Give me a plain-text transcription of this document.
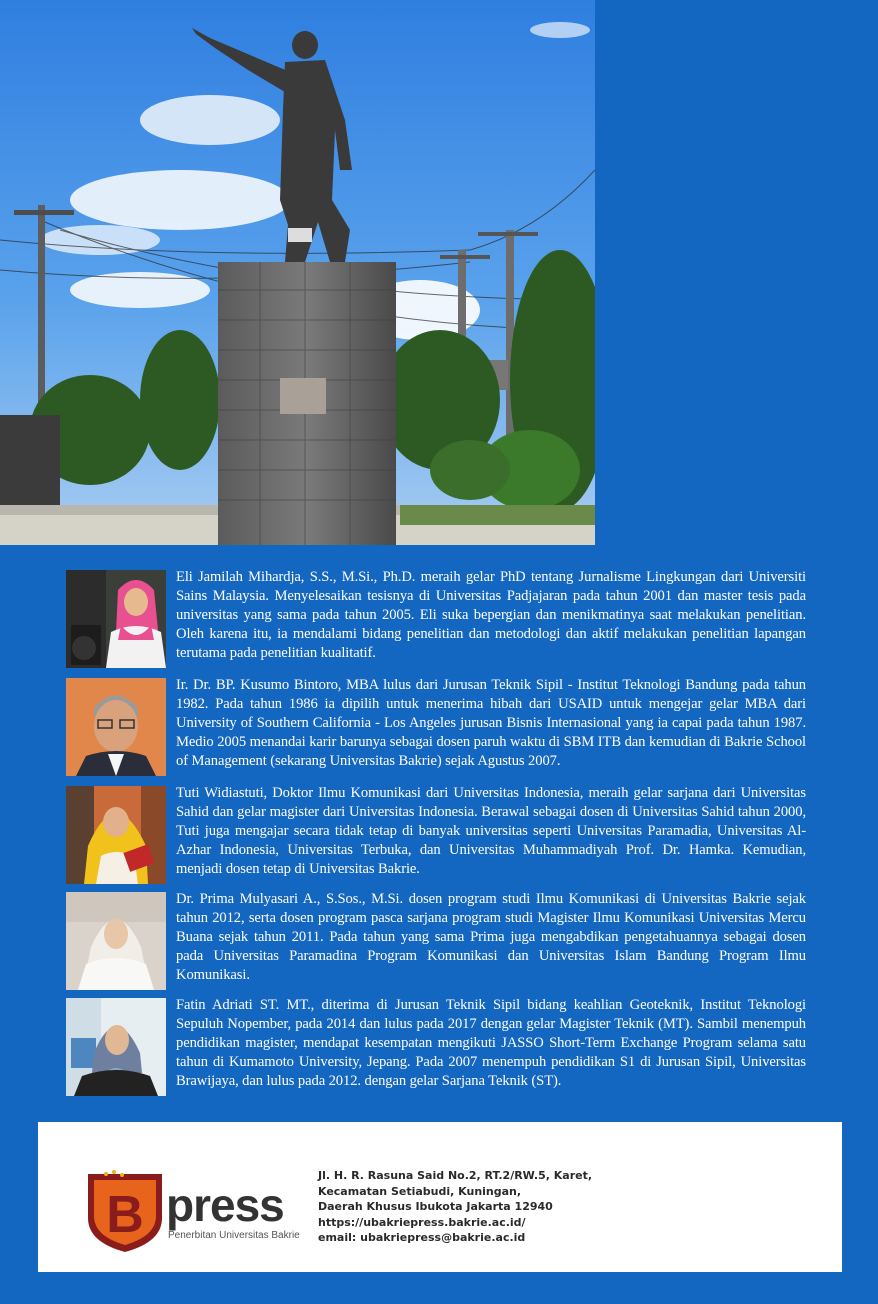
Eli Jamilah Mihardja, S.S., M.Si., Ph.D. meraih gelar PhD tentang Jurnalisme Lingkungan dari Universiti Sains Malaysia. Menyelesaikan tesisnya di Universitas Padjajaran pada tahun 2001 dan master tesis pada universitas yang sama pada tahun 2005. Eli suka bepergian dan menikmatinya saat melakukan penelitian. Oleh karena itu, ia mendalami bidang penelitian dan metodologi dan aktif melakukan penelitian lapangan terutama pada penelitian kualitatif.

Ir. Dr. BP. Kusumo Bintoro, MBA lulus dari Jurusan Teknik Sipil - Institut Teknologi Bandung pada tahun 1982. Pada tahun 1986 ia dipilih untuk menerima hibah dari USAID untuk mengejar gelar MBA dari University of Southern California - Los Angeles jurusan Bisnis Internasional yang ia capai pada tahun 1987. Medio 2005 menandai karir barunya sebagai dosen paruh waktu di SBM ITB dan kemudian di Bakrie School of Management (sekarang Universitas Bakrie) sejak Agustus 2007.

Tuti Widiastuti, Doktor Ilmu Komunikasi dari Universitas Indonesia, meraih gelar sarjana dari Universitas Sahid dan gelar magister dari Universitas Indonesia. Berawal sebagai dosen di Universitas Sahid tahun 2000, Tuti juga mengajar secara tidak tetap di banyak universitas seperti Universitas Paramadia, Universitas Al-Azhar Indonesia, Universitas Terbuka, dan Universitas Muhammadiyah Prof. Dr. Hamka. Kemudian, menjadi dosen tetap di Universitas Bakrie.

Dr. Prima Mulyasari A., S.Sos., M.Si. dosen program studi Ilmu Komunikasi di Universitas Bakrie sejak tahun 2012, serta dosen program pasca sarjana program studi Magister Ilmu Komunikasi Universitas Mercu Buana sejak tahun 2011. Pada tahun yang sama Prima juga mengabdikan pengetahuannya sebagai dosen pada Universitas Paramadina Program Komunikasi dan Universitas Islam Bandung Program Ilmu Komunikasi.

Fatin Adriati ST. MT., diterima di Jurusan Teknik Sipil bidang keahlian Geoteknik, Institut Teknologi Sepuluh Nopember, pada 2014 dan lulus pada 2017 dengan gelar Magister Teknik (MT). Sambil menempuh pendidikan magister, mendapat kesempatan mengikuti JASSO Short-Term Exchange Program selama satu tahun di Kumamoto University, Jepang. Pada 2007 menempuh pendidikan S1 di Jurusan Sipil, Universitas Brawijaya, dan lulus pada 2012. dengan gelar Sarjana Teknik (ST).

B press
Penerbitan Universitas Bakrie
Jl. H. R. Rasuna Said No.2, RT.2/RW.5, Karet,
Kecamatan Setiabudi, Kuningan,
Daerah Khusus Ibukota Jakarta 12940
https://ubakriepress.bakrie.ac.id/
email: ubakriepress@bakrie.ac.id
